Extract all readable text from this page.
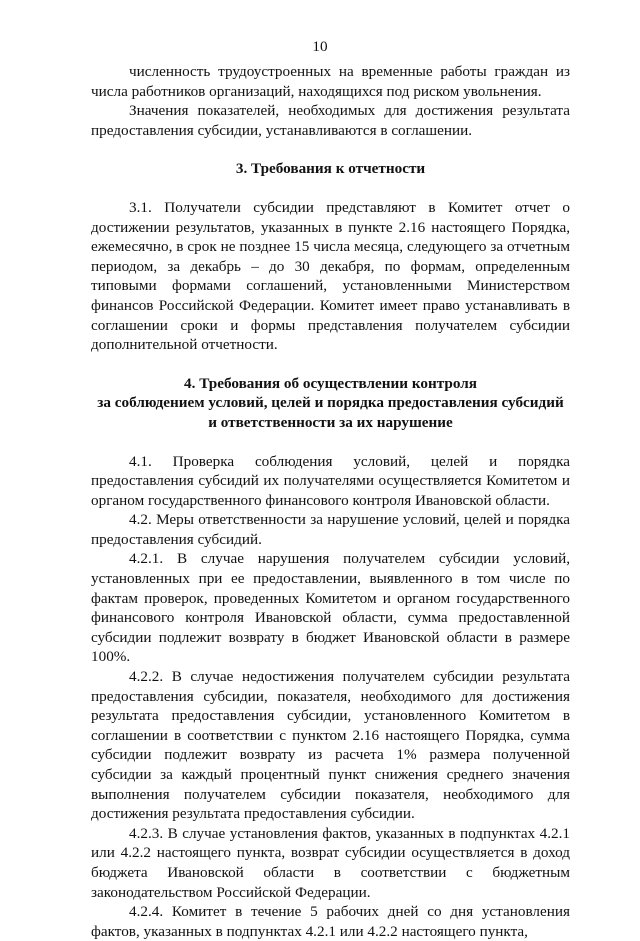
10

численность трудоустроенных на временные работы граждан из числа работников организаций, находящихся под риском увольнения.

Значения показателей, необходимых для достижения результата предоставления субсидии, устанавливаются в соглашении.

3. Требования к отчетности

3.1. Получатели субсидии представляют в Комитет отчет о достижении результатов, указанных в пункте 2.16 настоящего Порядка, ежемесячно, в срок не позднее 15 числа месяца, следующего за отчетным периодом, за декабрь – до 30 декабря, по формам, определенным типовыми формами соглашений, установленными Министерством финансов Российской Федерации. Комитет имеет право устанавливать в соглашении сроки и формы представления получателем субсидии дополнительной отчетности.

4. Требования об осуществлении контроля
за соблюдением условий, целей и порядка предоставления субсидий
и ответственности за их нарушение

4.1. Проверка соблюдения условий, целей и порядка предоставления субсидий их получателями осуществляется Комитетом и органом государственного финансового контроля Ивановской области.

4.2. Меры ответственности за нарушение условий, целей и порядка предоставления субсидий.

4.2.1. В случае нарушения получателем субсидии условий, установленных при ее предоставлении, выявленного в том числе по фактам проверок, проведенных Комитетом и органом государственного финансового контроля Ивановской области, сумма предоставленной субсидии подлежит возврату в бюджет Ивановской области в размере 100%.

4.2.2. В случае недостижения получателем субсидии результата предоставления субсидии, показателя, необходимого для достижения результата предоставления субсидии, установленного Комитетом в соглашении в соответствии с пунктом 2.16 настоящего Порядка, сумма субсидии подлежит возврату из расчета 1% размера полученной субсидии за каждый процентный пункт снижения среднего значения выполнения получателем субсидии показателя, необходимого для достижения результата предоставления субсидии.

4.2.3. В случае установления фактов, указанных в подпунктах 4.2.1 или 4.2.2 настоящего пункта, возврат субсидии осуществляется в доход бюджета Ивановской области в соответствии с бюджетным законодательством Российской Федерации.

4.2.4. Комитет в течение 5 рабочих дней со дня установления фактов, указанных в подпунктах 4.2.1 или 4.2.2 настоящего пункта,
